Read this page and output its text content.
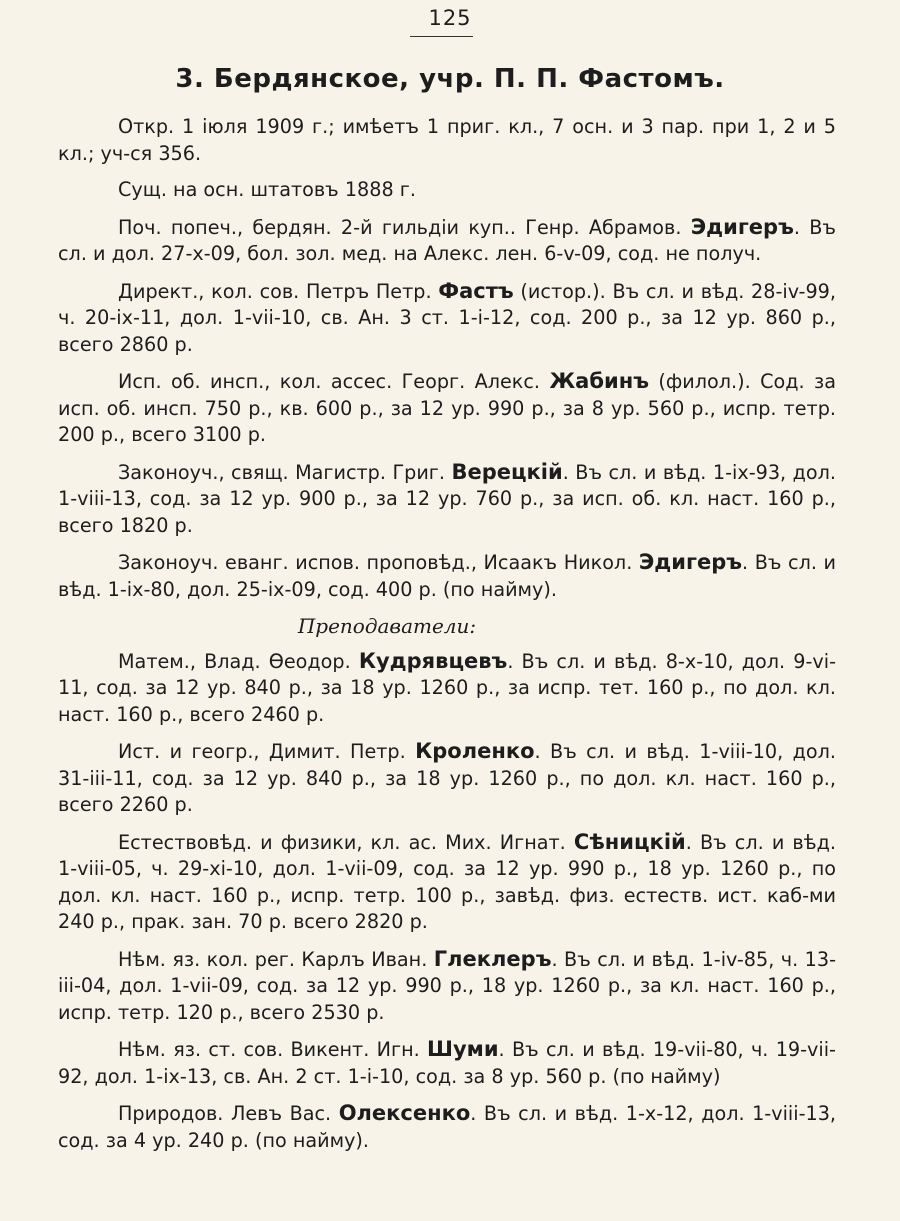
125
3. Бердянское, учр. П. П. Фастомъ.

Откр. 1 іюля 1909 г.; имѣетъ 1 приг. кл., 7 осн. и 3 пар. при 1, 2 и 5 кл.; уч-ся 356.

Сущ. на осн. штатовъ 1888 г.

Поч. попеч., бердян. 2-й гильдіи куп.. Генр. Абрамов. Эдигеръ. Въ сл. и дол. 27-х-09, бол. зол. мед. на Алекс. лен. 6-v-09, сод. не получ.

Директ., кол. сов. Петръ Петр. Фастъ (истор.). Въ сл. и вѣд. 28-iv-99, ч. 20-ix-11, дол. 1-vii-10, св. Ан. 3 ст. 1-i-12, сод. 200 р., за 12 ур. 860 р., всего 2860 р.

Исп. об. инсп., кол. ассес. Георг. Алекс. Жабинъ (филол.). Сод. за исп. об. инсп. 750 р., кв. 600 р., за 12 ур. 990 р., за 8 ур. 560 р., испр. тетр. 200 р., всего 3100 р.

Законоуч., свящ. Магистр. Григ. Верецкій. Въ сл. и вѣд. 1-ix-93, дол. 1-viii-13, сод. за 12 ур. 900 р., за 12 ур. 760 р., за исп. об. кл. наст. 160 р., всего 1820 р.

Законоуч. еванг. испов. проповѣд., Исаакъ Никол. Эдигеръ. Въ сл. и вѣд. 1-ix-80, дол. 25-ix-09, сод. 400 р. (по найму).

Преподаватели:

Матем., Влад. Өеодор. Кудрявцевъ. Въ сл. и вѣд. 8-х-10, дол. 9-vi-11, сод. за 12 ур. 840 р., за 18 ур. 1260 р., за испр. тет. 160 р., по дол. кл. наст. 160 р., всего 2460 р.

Ист. и геогр., Димит. Петр. Кроленко. Въ сл. и вѣд. 1-viii-10, дол. 31-iii-11, сод. за 12 ур. 840 р., за 18 ур. 1260 р., по дол. кл. наст. 160 р., всего 2260 р.

Естествовѣд. и физики, кл. ас. Мих. Игнат. Сѣницкій. Въ сл. и вѣд. 1-viii-05, ч. 29-xi-10, дол. 1-vii-09, сод. за 12 ур. 990 р., 18 ур. 1260 р., по дол. кл. наст. 160 р., испр. тетр. 100 р., завѣд. физ. естеств. ист. каб-ми 240 р., прак. зан. 70 р. всего 2820 р.

Нѣм. яз. кол. рег. Карлъ Иван. Глеклеръ. Въ сл. и вѣд. 1-iv-85, ч. 13-iii-04, дол. 1-vii-09, сод. за 12 ур. 990 р., 18 ур. 1260 р., за кл. наст. 160 р., испр. тетр. 120 р., всего 2530 р.

Нѣм. яз. ст. сов. Викент. Игн. Шуми. Въ сл. и вѣд. 19-vii-80, ч. 19-vii-92, дол. 1-ix-13, св. Ан. 2 ст. 1-i-10, сод. за 8 ур. 560 р. (по найму)

Природов. Левъ Вас. Олексенко. Въ сл. и вѣд. 1-х-12, дол. 1-viii-13, сод. за 4 ур. 240 р. (по найму).
